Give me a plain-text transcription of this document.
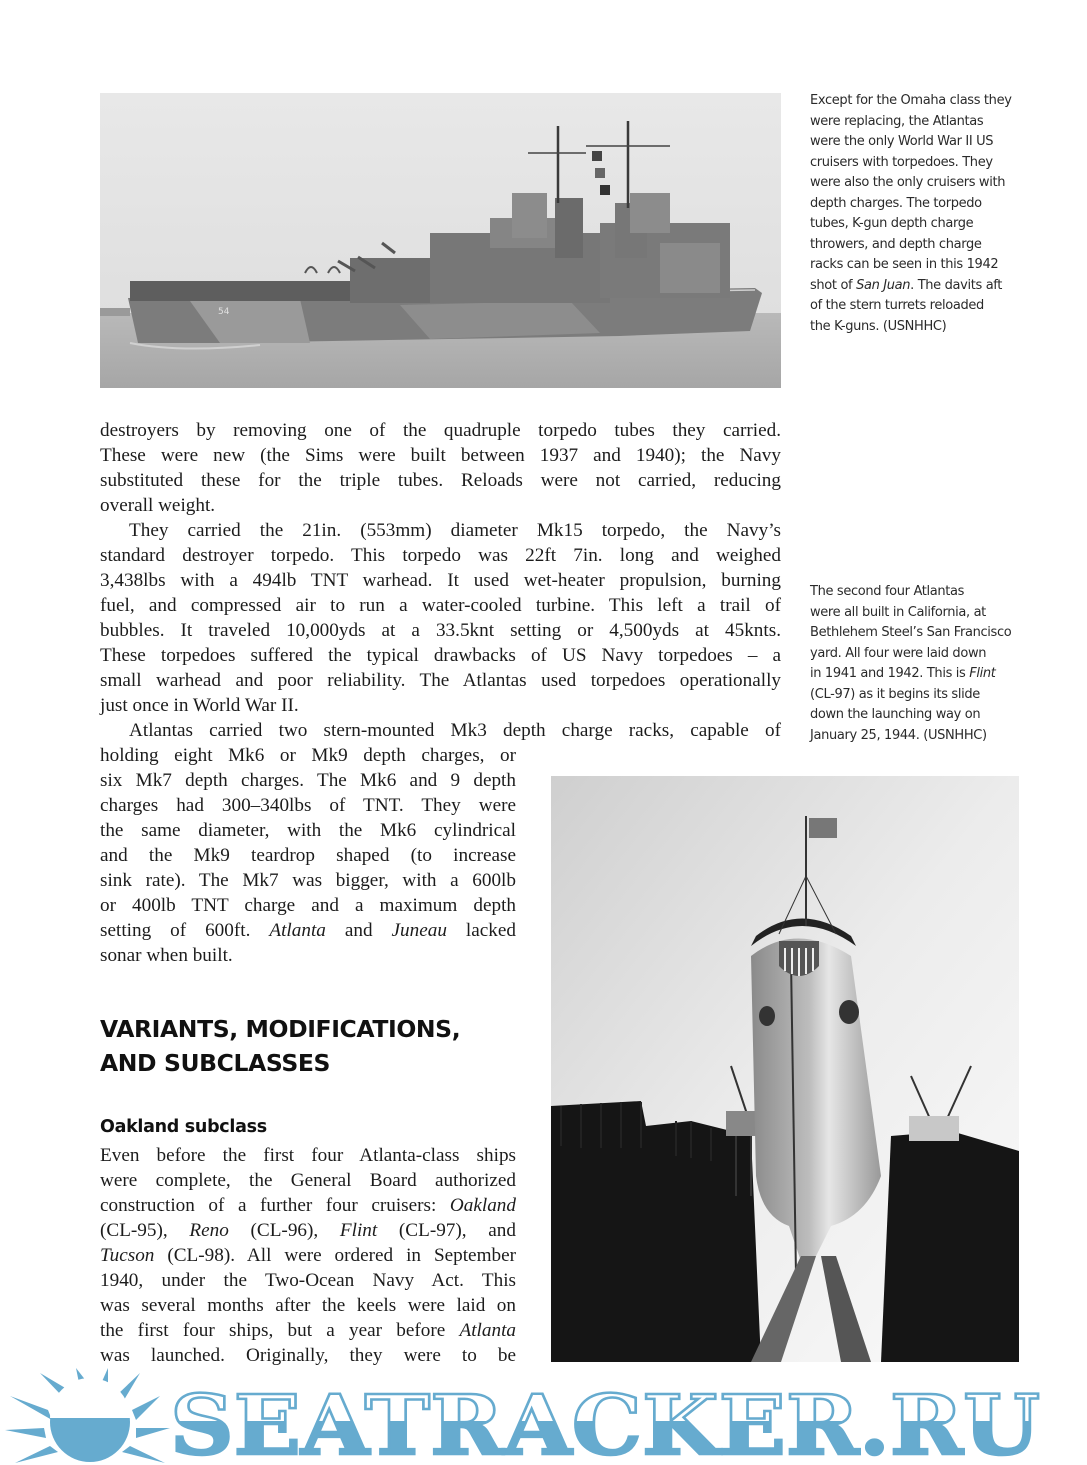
54
Except for the Omaha class they
were replacing, the Atlantas
were the only World War II US
cruisers with torpedoes. They
were also the only cruisers with
depth charges. The torpedo
tubes, K-gun depth charge
throwers, and depth charge
racks can be seen in this 1942
shot of San Juan. The davits aft
of the stern turrets reloaded
the K-guns. (USNHHC)
destroyers by removing one of the quadruple torpedo tubes they carried.
These were new (the Sims were built between 1937 and 1940); the Navy
substituted these for the triple tubes. Reloads were not carried, reducing
overall weight.
They carried the 21in. (553mm) diameter Mk15 torpedo, the Navy’s
standard destroyer torpedo. This torpedo was 22ft 7in. long and weighed
3,438lbs with a 494lb TNT warhead. It used wet-heater propulsion, burning
fuel, and compressed air to run a water-cooled turbine. This left a trail of
bubbles. It traveled 10,000yds at a 33.5knt setting or 4,500yds at 45knts.
These torpedoes suffered the typical drawbacks of US Navy torpedoes – a
small warhead and poor reliability. The Atlantas used torpedoes operationally
just once in World War II.
Atlantas carried two stern-mounted Mk3 depth charge racks, capable of
The second four Atlantas
were all built in California, at
Bethlehem Steel’s San Francisco
yard. All four were laid down
in 1941 and 1942. This is Flint
(CL-97) as it begins its slide
down the launching way on
January 25, 1944. (USNHHC)
holding eight Mk6 or Mk9 depth charges, or
six Mk7 depth charges. The Mk6 and 9 depth
charges had 300–340lbs of TNT. They were
the same diameter, with the Mk6 cylindrical
and the Mk9 teardrop shaped (to increase
sink rate). The Mk7 was bigger, with a 600lb
or 400lb TNT charge and a maximum depth
setting of 600ft. Atlanta and Juneau lacked
sonar when built.
VARIANTS, MODIFICATIONS,
AND SUBCLASSES
Oakland subclass
Even before the first four Atlanta-class ships
were complete, the General Board authorized
construction of a further four cruisers: Oakland
(CL-95), Reno (CL-96), Flint (CL-97), and
Tucson (CL-98). All were ordered in September
1940, under the Two-Ocean Navy Act. This
was several months after the keels were laid on
the first four ships, but a year before Atlanta
was launched. Originally, they were to be
SEATRACKER.RU
